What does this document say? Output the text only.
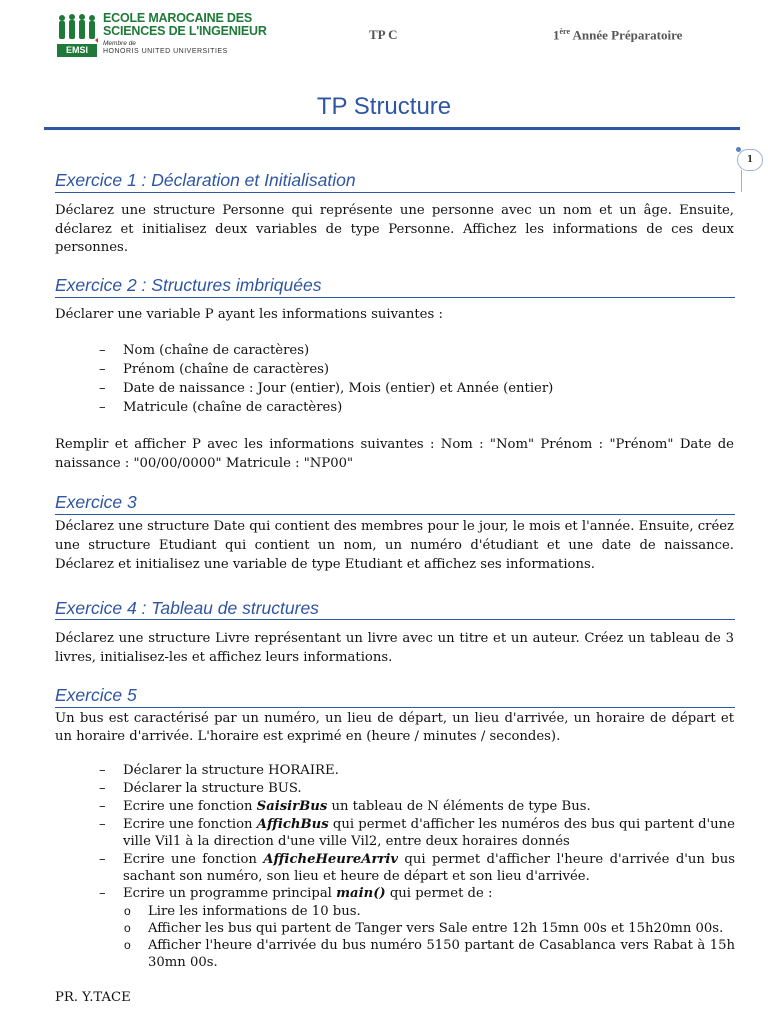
EMSI
ECOLE MAROCAINE DES
SCIENCES DE L'INGENIEUR
Membre de
HONORIS UNITED UNIVERSITIES
TP C	1ère Année Préparatoire
TP Structure
1
Exercice 1 : Déclaration et Initialisation
Déclarez une structure Personne qui représente une personne avec un nom et un âge. Ensuite, déclarez et initialisez deux variables de type Personne. Affichez les informations de ces deux personnes.
Exercice 2 : Structures imbriquées
Déclarer une variable P ayant les informations suivantes :
– Nom (chaîne de caractères)
– Prénom (chaîne de caractères)
– Date de naissance : Jour (entier), Mois (entier) et Année (entier)
– Matricule (chaîne de caractères)
Remplir et afficher P avec les informations suivantes : Nom : "Nom" Prénom : "Prénom" Date de naissance : "00/00/0000" Matricule : "NP00"
Exercice 3
Déclarez une structure Date qui contient des membres pour le jour, le mois et l'année. Ensuite, créez une structure Etudiant qui contient un nom, un numéro d'étudiant et une date de naissance. Déclarez et initialisez une variable de type Etudiant et affichez ses informations.
Exercice 4 : Tableau de structures
Déclarez une structure Livre représentant un livre avec un titre et un auteur. Créez un tableau de 3 livres, initialisez-les et affichez leurs informations.
Exercice 5
Un bus est caractérisé par un numéro, un lieu de départ, un lieu d'arrivée, un horaire de départ et un horaire d'arrivée. L'horaire est exprimé en (heure / minutes / secondes).
– Déclarer la structure HORAIRE.
– Déclarer la structure BUS.
– Ecrire une fonction SaisirBus un tableau de N éléments de type Bus.
– Ecrire une fonction AffichBus qui permet d'afficher les numéros des bus qui partent d'une ville Vil1 à la direction d'une ville Vil2, entre deux horaires donnés
– Ecrire une fonction AfficheHeureArriv qui permet d'afficher l'heure d'arrivée d'un bus sachant son numéro, son lieu et heure de départ et son lieu d'arrivée.
– Ecrire un programme principal main() qui permet de :
o Lire les informations de 10 bus.
o Afficher les bus qui partent de Tanger vers Sale entre 12h 15mn 00s et 15h20mn 00s.
o Afficher l'heure d'arrivée du bus numéro 5150 partant de Casablanca vers Rabat à 15h 30mn 00s.
PR. Y.TACE
